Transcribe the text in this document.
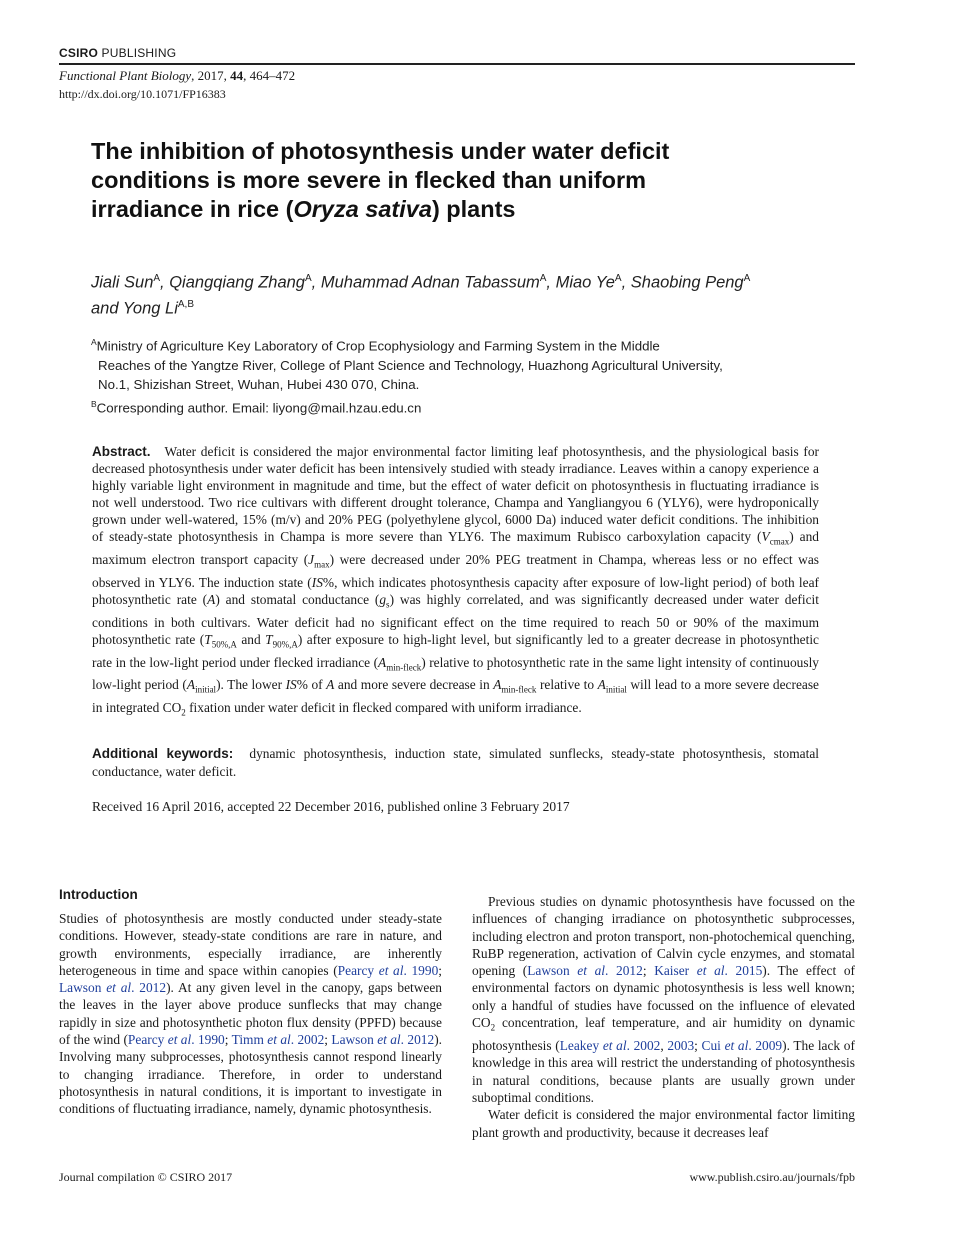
CSIRO PUBLISHING
Functional Plant Biology, 2017, 44, 464–472
http://dx.doi.org/10.1071/FP16383
The inhibition of photosynthesis under water deficit
conditions is more severe in flecked than uniform
irradiance in rice (Oryza sativa) plants
Jiali Sun$^A$, Qiangqiang Zhang$^A$, Muhammad Adnan Tabassum$^A$, Miao $Ye^A$, Shaobing Peng$^A$
and Yong $Li^{A,B}$
$^A$Ministry of Agriculture Key Laboratory of Crop Ecophysiology and Farming System in the Middle
Reaches of the Yangtze River, College of Plant Science and Technology, Huazhong Agricultural University,
No.1, Shizishan Street, Wuhan, Hubei 430 070, China.
$^B$Corresponding author. Email: liyong@mail.hzau.edu.cn
Abstract. Water deficit is considered the major environmental factor limiting leaf photosynthesis, and the physiological basis for decreased photosynthesis under water deficit has been intensively studied with steady irradiance. Leaves within a canopy experience a highly variable light environment in magnitude and time, but the effect of water deficit on photosynthesis in fluctuating irradiance is not well understood. Two rice cultivars with different drought tolerance, Champa and Yangliangyou 6 (YLY6), were hydroponically grown under well-watered, 15% (m/v) and 20% PEG (polyethylene glycol, 6000 Da) induced water deficit conditions. The inhibition of steady-state photosynthesis in Champa is more severe than YLY6. The maximum Rubisco carboxylation capacity $(V_{cmax})$ and maximum electron transport capacity $(J_{max})$ were decreased under 20% PEG treatment in Champa, whereas less or no effect was observed in YLY6. The induction state (IS%, which indicates photosynthesis capacity after exposure of low-light period) of both leaf photosynthetic rate (A) and stomatal conductance $(g_s)$ was highly correlated, and was significantly decreased under water deficit conditions in both cultivars. Water deficit had no significant effect on the time required to reach 50 or 90% of the maximum photosynthetic rate ($T_{50\%,A}$ and $T_{90\%,A}$) after exposure to high-light level, but significantly led to a greater decrease in photosynthetic rate in the low-light period under flecked irradiance $(A_{min-fleck})$ relative to photosynthetic rate in the same light intensity of continuously low-light period $(A_{initial})$. The lower IS% of A and more severe decrease in $A_{min-fleck}$ relative to $A_{initial}$ will lead to a more severe decrease in integrated $CO_2$ fixation under water deficit in flecked compared with uniform irradiance.
Additional keywords: dynamic photosynthesis, induction state, simulated sunflecks, steady-state photosynthesis, stomatal conductance, water deficit.
Received 16 April 2016, accepted 22 December 2016, published online 3 February 2017
Introduction

Studies of photosynthesis are mostly conducted under steady-state conditions. However, steady-state conditions are rare in nature, and growth environments, especially irradiance, are inherently heterogeneous in time and space within canopies (Pearcy et al. 1990; Lawson et al. 2012). At any given level in the canopy, gaps between the leaves in the layer above produce sunflecks that may change rapidly in size and photosynthetic photon flux density (PPFD) because of the wind (Pearcy et al. 1990; Timm et al. 2002; Lawson et al. 2012). Involving many subprocesses, photosynthesis cannot respond linearly to changing irradiance. Therefore, in order to understand photosynthesis in natural conditions, it is important to investigate in conditions of fluctuating irradiance, namely, dynamic photosynthesis.

Previous studies on dynamic photosynthesis have focussed on the influences of changing irradiance on photosynthetic subprocesses, including electron and proton transport, non-photochemical quenching, RuBP regeneration, activation of Calvin cycle enzymes, and stomatal opening (Lawson et al. 2012; Kaiser et al. 2015). The effect of environmental factors on dynamic photosynthesis is less well known; only a handful of studies have focussed on the influence of elevated $CO_2$ concentration, leaf temperature, and air humidity on dynamic photosynthesis (Leakey et al. 2002, 2003; Cui et al. 2009). The lack of knowledge in this area will restrict the understanding of photosynthesis in natural conditions, because plants are usually grown under suboptimal conditions.

Water deficit is considered the major environmental factor limiting plant growth and productivity, because it decreases leaf

Journal compilation © CSIRO 2017	www.publish.csiro.au/journals/fpb
